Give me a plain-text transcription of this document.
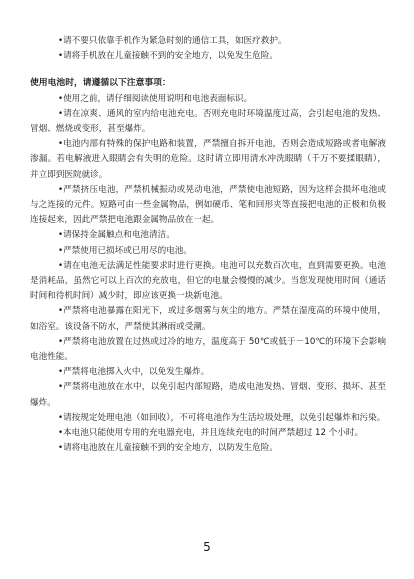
•请不要只依靠手机作为紧急时刻的通信工具，如医疗救护。

•请将手机放在儿童接触不到的安全地方，以免发生危险。

使用电池时，请遵循以下注意事项：

•使用之前，请仔细阅读使用说明和电池表面标识。

•请在凉爽、通风的室内给电池充电。否则充电时环境温度过高，会引起电池的发热、冒烟、燃烧或变形，甚至爆炸。

•电池内部有特殊的保护电路和装置，严禁擅自拆开电池，否则会造成短路或者电解液渗漏。若电解液进入眼睛会有失明的危险。这时请立即用清水冲洗眼睛（千万不要揉眼睛），并立即到医院就诊。

•严禁挤压电池，严禁机械振动或晃动电池，严禁使电池短路，因为这样会损坏电池或与之连接的元件。短路可由一些金属物品，例如硬币、笔和回形夹等直接把电池的正极和负极连接起来，因此严禁把电池跟金属物品放在一起。

•请保持金属触点和电池清洁。

•严禁使用已损坏或已用尽的电池。

•请在电池无法满足性能要求时进行更换。电池可以充数百次电，直到需要更换。电池是消耗品，虽然它可以上百次的充放电，但它的电量会慢慢的减少。当您发现使用时间（通话时间和待机时间）减少时，即应该更换一块新电池。

•严禁将电池暴露在阳光下，或过多烟雾与灰尘的地方。严禁在湿度高的环境中使用，如浴室。该设备不防水，严禁使其淋雨或受潮。

•严禁将电池放置在过热或过冷的地方，温度高于 50℃或低于－10℃的环境下会影响电池性能。

•严禁将电池掷入火中，以免发生爆炸。

•严禁将电池放在水中，以免引起内部短路，造成电池发热、冒烟、变形、损坏、甚至爆炸。

•请按规定处理电池（如回收），不可将电池作为生活垃圾处理，以免引起爆炸和污染。

•本电池只能使用专用的充电器充电，并且连续充电的时间严禁超过 12 个小时。

•请将电池放在儿童接触不到的安全地方，以防发生危险。

5
